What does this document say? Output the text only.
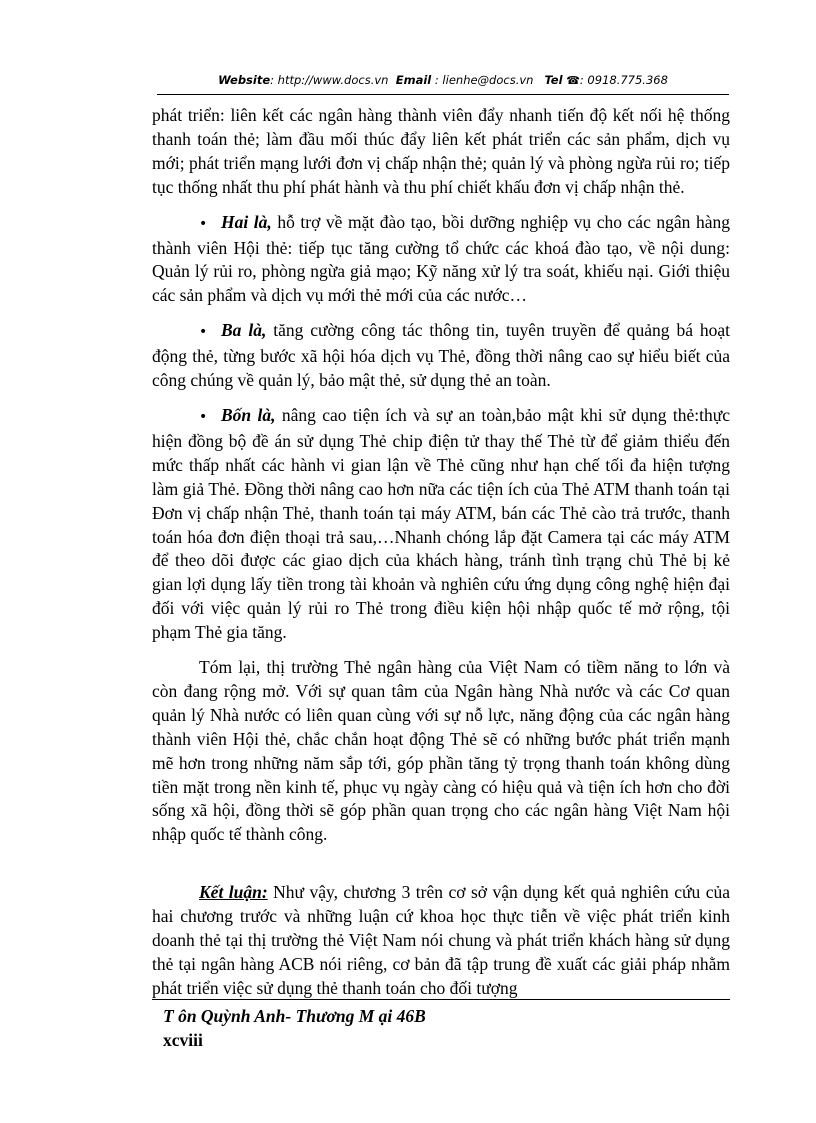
Website: http://www.docs.vn Email : lienhe@docs.vn Tel ☎: 0918.775.368

phát triển: liên kết các ngân hàng thành viên đẩy nhanh tiến độ kết nối hệ thống thanh toán thẻ; làm đầu mối thúc đẩy liên kết phát triển các sản phẩm, dịch vụ mới; phát triển mạng lưới đơn vị chấp nhận thẻ; quản lý và phòng ngừa rủi ro; tiếp tục thống nhất thu phí phát hành và thu phí chiết khấu đơn vị chấp nhận thẻ.

• Hai là, hỗ trợ về mặt đào tạo, bồi dưỡng nghiệp vụ cho các ngân hàng thành viên Hội thẻ: tiếp tục tăng cường tổ chức các khoá đào tạo, về nội dung: Quản lý rủi ro, phòng ngừa giả mạo; Kỹ năng xử lý tra soát, khiếu nại. Giới thiệu các sản phẩm và dịch vụ mới thẻ mới của các nước…

• Ba là, tăng cường công tác thông tin, tuyên truyền để quảng bá hoạt động thẻ, từng bước xã hội hóa dịch vụ Thẻ, đồng thời nâng cao sự hiểu biết của công chúng về quản lý, bảo mật thẻ, sử dụng thẻ an toàn.

• Bốn là, nâng cao tiện ích và sự an toàn,bảo mật khi sử dụng thẻ:thực hiện đồng bộ đề án sử dụng Thẻ chip điện tử thay thế Thẻ từ để giảm thiểu đến mức thấp nhất các hành vi gian lận về Thẻ cũng như hạn chế tối đa hiện tượng làm giả Thẻ. Đồng thời nâng cao hơn nữa các tiện ích của Thẻ ATM thanh toán tại Đơn vị chấp nhận Thẻ, thanh toán tại máy ATM, bán các Thẻ cào trả trước, thanh toán hóa đơn điện thoại trả sau,…Nhanh chóng lắp đặt Camera tại các máy ATM để theo dõi được các giao dịch của khách hàng, tránh tình trạng chủ Thẻ bị kẻ gian lợi dụng lấy tiền trong tài khoản và nghiên cứu ứng dụng công nghệ hiện đại đối với việc quản lý rủi ro Thẻ trong điều kiện hội nhập quốc tế mở rộng, tội phạm Thẻ gia tăng.

Tóm lại, thị trường Thẻ ngân hàng của Việt Nam có tiềm năng to lớn và còn đang rộng mở. Với sự quan tâm của Ngân hàng Nhà nước và các Cơ quan quản lý Nhà nước có liên quan cùng với sự nỗ lực, năng động của các ngân hàng thành viên Hội thẻ, chắc chắn hoạt động Thẻ sẽ có những bước phát triển mạnh mẽ hơn trong những năm sắp tới, góp phần tăng tỷ trọng thanh toán không dùng tiền mặt trong nền kinh tế, phục vụ ngày càng có hiệu quả và tiện ích hơn cho đời sống xã hội, đồng thời sẽ góp phần quan trọng cho các ngân hàng Việt Nam hội nhập quốc tế thành công.

Kết luận: Như vậy, chương 3 trên cơ sở vận dụng kết quả nghiên cứu của hai chương trước và những luận cứ khoa học thực tiễn về việc phát triển kinh doanh thẻ tại thị trường thẻ Việt Nam nói chung và phát triển khách hàng sử dụng thẻ tại ngân hàng ACB nói riêng, cơ bản đã tập trung đề xuất các giải pháp nhằm phát triển việc sử dụng thẻ thanh toán cho đối tượng

T ôn Quỳnh Anh- Thương M ại 46B
xcviii
